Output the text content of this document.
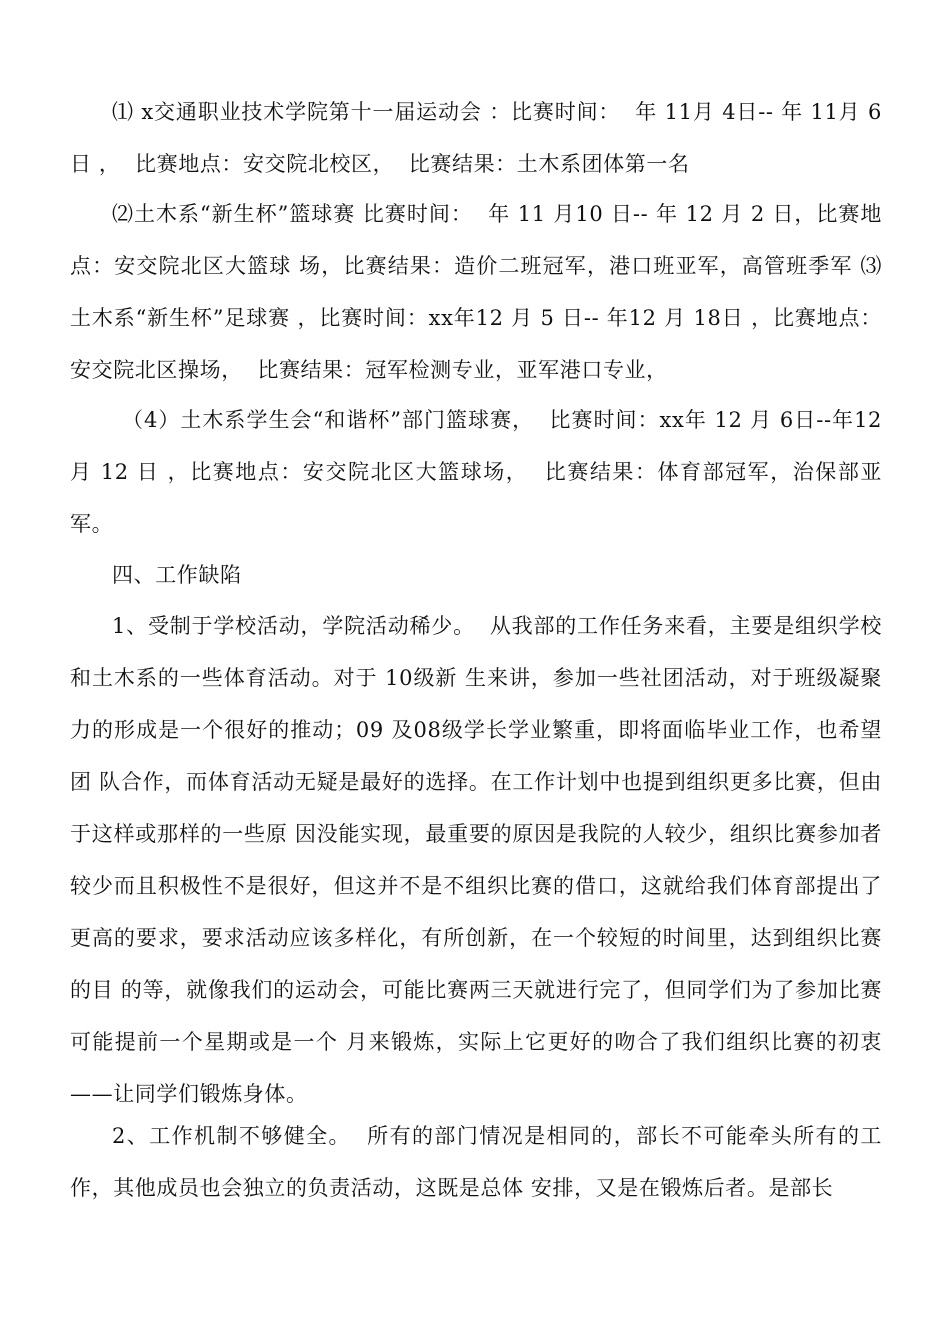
⑴ x交通职业技术学院第十一届运动会 ：比赛时间：  年 11月 4日-- 年 11月 6日 ，  比赛地点：安交院北校区，  比赛结果：土木系团体第一名

⑵土木系“新生杯”篮球赛 比赛时间：  年 11 月10 日-- 年 12 月 2 日，比赛地点：安交院北区大篮球 场，比赛结果：造价二班冠军，港口班亚军，高管班季军 ⑶土木系“新生杯”足球赛 ，比赛时间：xx年12 月 5 日-- 年12 月 18日 ，比赛地点：安交院北区操场，  比赛结果：冠军检测专业，亚军港口专业，

（4）土木系学生会“和谐杯”部门篮球赛，  比赛时间：xx年 12 月 6日--年12 月 12 日 ，比赛地点：安交院北区大篮球场，  比赛结果：体育部冠军，治保部亚军。

四、工作缺陷

1、受制于学校活动，学院活动稀少。  从我部的工作任务来看，主要是组织学校和土木系的一些体育活动。对于 10级新 生来讲，参加一些社团活动，对于班级凝聚力的形成是一个很好的推动；09 及08级学长学业繁重，即将面临毕业工作，也希望团 队合作，而体育活动无疑是最好的选择。在工作计划中也提到组织更多比赛，但由于这样或那样的一些原 因没能实现，最重要的原因是我院的人较少，组织比赛参加者较少而且积极性不是很好，但这并不是不组织比赛的借口，这就给我们体育部提出了更高的要求，要求活动应该多样化，有所创新，在一个较短的时间里，达到组织比赛的目 的等，就像我们的运动会，可能比赛两三天就进行完了，但同学们为了参加比赛可能提前一个星期或是一个 月来锻炼，实际上它更好的吻合了我们组织比赛的初衷——让同学们锻炼身体。

2、工作机制不够健全。  所有的部门情况是相同的，部长不可能牵头所有的工作，其他成员也会独立的负责活动，这既是总体 安排，又是在锻炼后者。是部长
